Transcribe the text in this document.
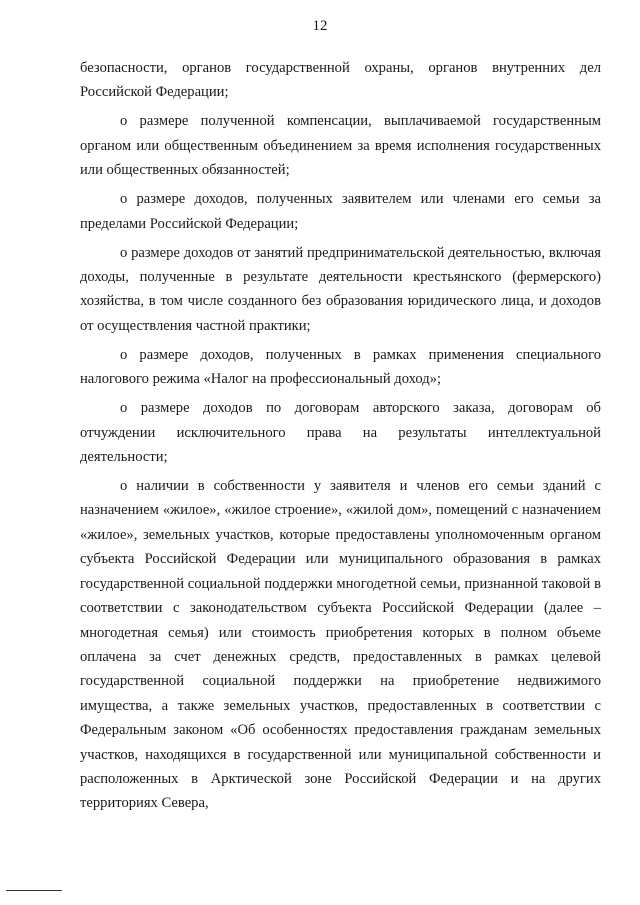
12

безопасности, органов государственной охраны, органов внутренних дел Российской Федерации;

о размере полученной компенсации, выплачиваемой государственным органом или общественным объединением за время исполнения государственных или общественных обязанностей;

о размере доходов, полученных заявителем или членами его семьи за пределами Российской Федерации;

о размере доходов от занятий предпринимательской деятельностью, включая доходы, полученные в результате деятельности крестьянского (фермерского) хозяйства, в том числе созданного без образования юридического лица, и доходов от осуществления частной практики;

о размере доходов, полученных в рамках применения специального налогового режима «Налог на профессиональный доход»;

о размере доходов по договорам авторского заказа, договорам об отчуждении исключительного права на результаты интеллектуальной деятельности;

о наличии в собственности у заявителя и членов его семьи зданий с назначением «жилое», «жилое строение», «жилой дом», помещений с назначением «жилое», земельных участков, которые предоставлены уполномоченным органом субъекта Российской Федерации или муниципального образования в рамках государственной социальной поддержки многодетной семьи, признанной таковой в соответствии с законодательством субъекта Российской Федерации (далее – многодетная семья) или стоимость приобретения которых в полном объеме оплачена за счет денежных средств, предоставленных в рамках целевой государственной социальной поддержки на приобретение недвижимого имущества, а также земельных участков, предоставленных в соответствии с Федеральным законом «Об особенностях предоставления гражданам земельных участков, находящихся в государственной или муниципальной собственности и расположенных в Арктической зоне Российской Федерации и на других территориях Севера,
